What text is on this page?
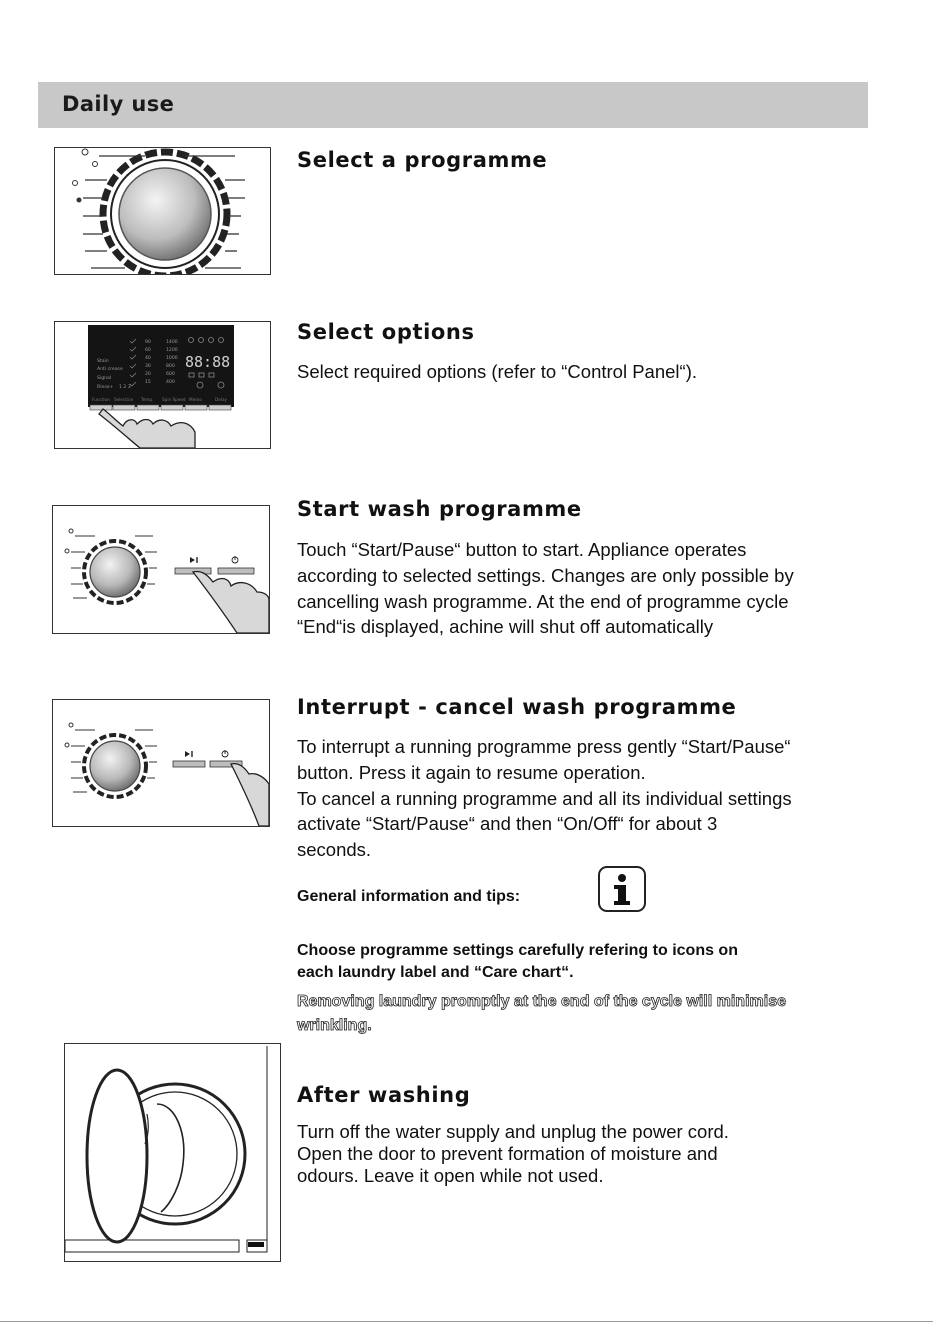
Daily use
Stain
Anti crease
Signal
Rinse+ 1 2 3
90
60
40
30
20
15
1400
1200
1000
800
600
400
88:88
Function Selection Temp. Spin Speed Memo	Delay
Select a programme
Select options
Select required options (refer to “Control Panel“).
Start wash programme
Touch “Start/Pause“ button to start. Appliance operates
according to selected settings. Changes are only possible by
cancelling wash programme. At the end of programme cycle
“End“is displayed, achine will shut off automatically
Interrupt - cancel wash programme
To interrupt a running programme press gently “Start/Pause“
button. Press it again to resume operation.
To cancel a running programme and all its individual settings
activate “Start/Pause“ and then “On/Off“ for about 3
seconds.
General information and tips:
Choose programme settings carefully refering to icons on
each laundry label and “Care chart“.
Removing laundry promptly at the end of the cycle will minimise
wrinkling.
After washing
Turn off the water supply and unplug the power cord.
Open the door to prevent formation of moisture and
odours. Leave it open while not used.
